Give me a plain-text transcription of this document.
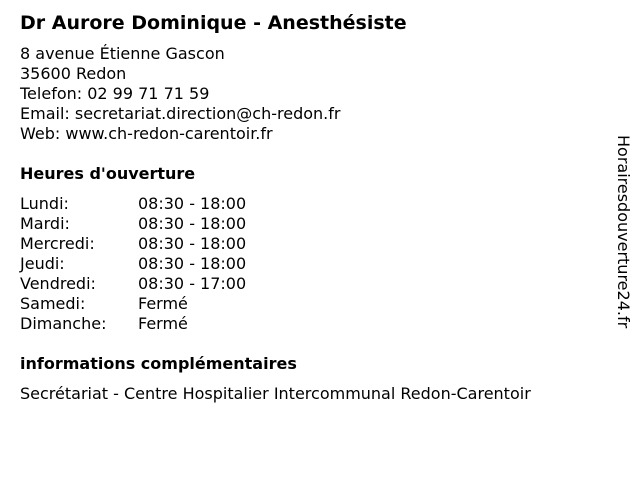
Dr Aurore Dominique - Anesthésiste
8 avenue Étienne Gascon
35600 Redon
Telefon: 02 99 71 71 59
Email: secretariat.direction@ch-redon.fr
Web: www.ch-redon-carentoir.fr
Heures d'ouverture
Lundi:	08:30 - 18:00
Mardi:	08:30 - 18:00
Mercredi:	08:30 - 18:00
Jeudi:	08:30 - 18:00
Vendredi:	08:30 - 17:00
Samedi:	Fermé
Dimanche:	Fermé
informations complémentaires
Secrétariat - Centre Hospitalier Intercommunal Redon-Carentoir
Horairesdouverture24.fr
